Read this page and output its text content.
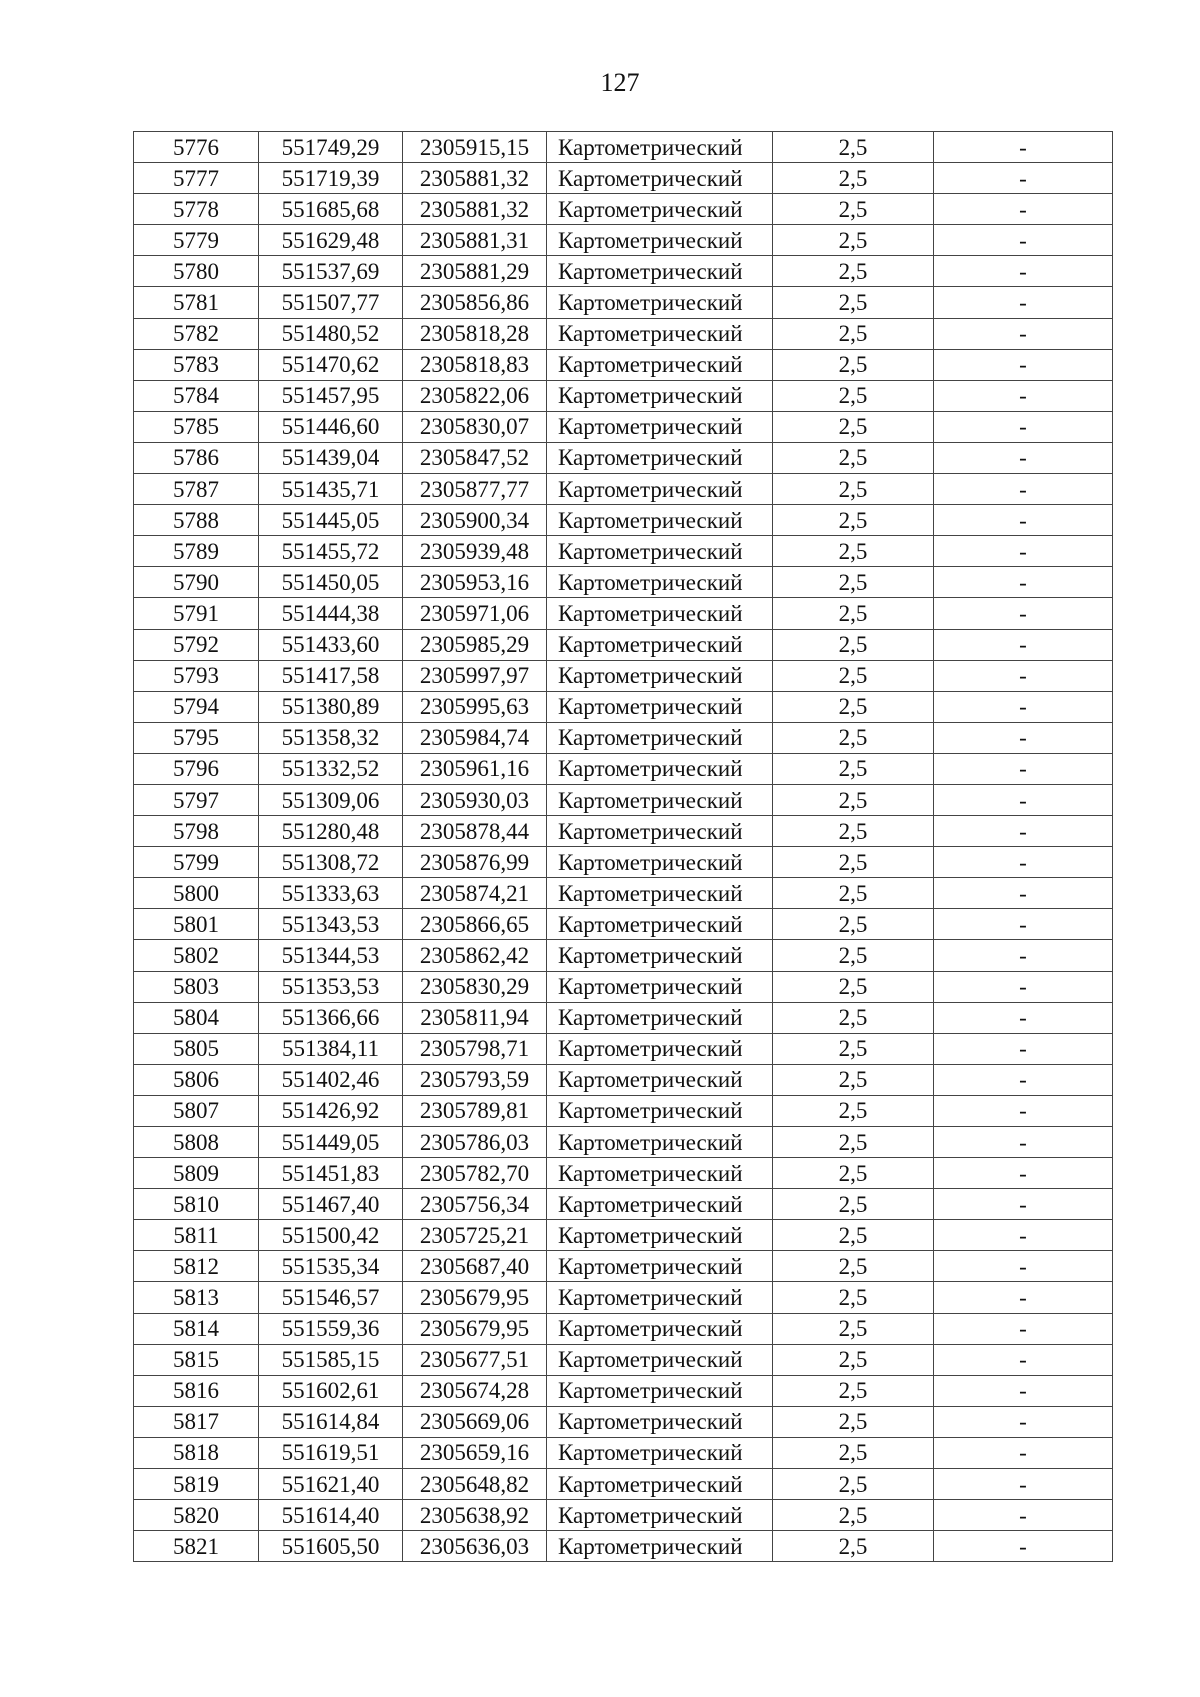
127
5776	551749,29	2305915,15	Картометрический	2,5	-
5777	551719,39	2305881,32	Картометрический	2,5	-
5778	551685,68	2305881,32	Картометрический	2,5	-
5779	551629,48	2305881,31	Картометрический	2,5	-
5780	551537,69	2305881,29	Картометрический	2,5	-
5781	551507,77	2305856,86	Картометрический	2,5	-
5782	551480,52	2305818,28	Картометрический	2,5	-
5783	551470,62	2305818,83	Картометрический	2,5	-
5784	551457,95	2305822,06	Картометрический	2,5	-
5785	551446,60	2305830,07	Картометрический	2,5	-
5786	551439,04	2305847,52	Картометрический	2,5	-
5787	551435,71	2305877,77	Картометрический	2,5	-
5788	551445,05	2305900,34	Картометрический	2,5	-
5789	551455,72	2305939,48	Картометрический	2,5	-
5790	551450,05	2305953,16	Картометрический	2,5	-
5791	551444,38	2305971,06	Картометрический	2,5	-
5792	551433,60	2305985,29	Картометрический	2,5	-
5793	551417,58	2305997,97	Картометрический	2,5	-
5794	551380,89	2305995,63	Картометрический	2,5	-
5795	551358,32	2305984,74	Картометрический	2,5	-
5796	551332,52	2305961,16	Картометрический	2,5	-
5797	551309,06	2305930,03	Картометрический	2,5	-
5798	551280,48	2305878,44	Картометрический	2,5	-
5799	551308,72	2305876,99	Картометрический	2,5	-
5800	551333,63	2305874,21	Картометрический	2,5	-
5801	551343,53	2305866,65	Картометрический	2,5	-
5802	551344,53	2305862,42	Картометрический	2,5	-
5803	551353,53	2305830,29	Картометрический	2,5	-
5804	551366,66	2305811,94	Картометрический	2,5	-
5805	551384,11	2305798,71	Картометрический	2,5	-
5806	551402,46	2305793,59	Картометрический	2,5	-
5807	551426,92	2305789,81	Картометрический	2,5	-
5808	551449,05	2305786,03	Картометрический	2,5	-
5809	551451,83	2305782,70	Картометрический	2,5	-
5810	551467,40	2305756,34	Картометрический	2,5	-
5811	551500,42	2305725,21	Картометрический	2,5	-
5812	551535,34	2305687,40	Картометрический	2,5	-
5813	551546,57	2305679,95	Картометрический	2,5	-
5814	551559,36	2305679,95	Картометрический	2,5	-
5815	551585,15	2305677,51	Картометрический	2,5	-
5816	551602,61	2305674,28	Картометрический	2,5	-
5817	551614,84	2305669,06	Картометрический	2,5	-
5818	551619,51	2305659,16	Картометрический	2,5	-
5819	551621,40	2305648,82	Картометрический	2,5	-
5820	551614,40	2305638,92	Картометрический	2,5	-
5821	551605,50	2305636,03	Картометрический	2,5	-
